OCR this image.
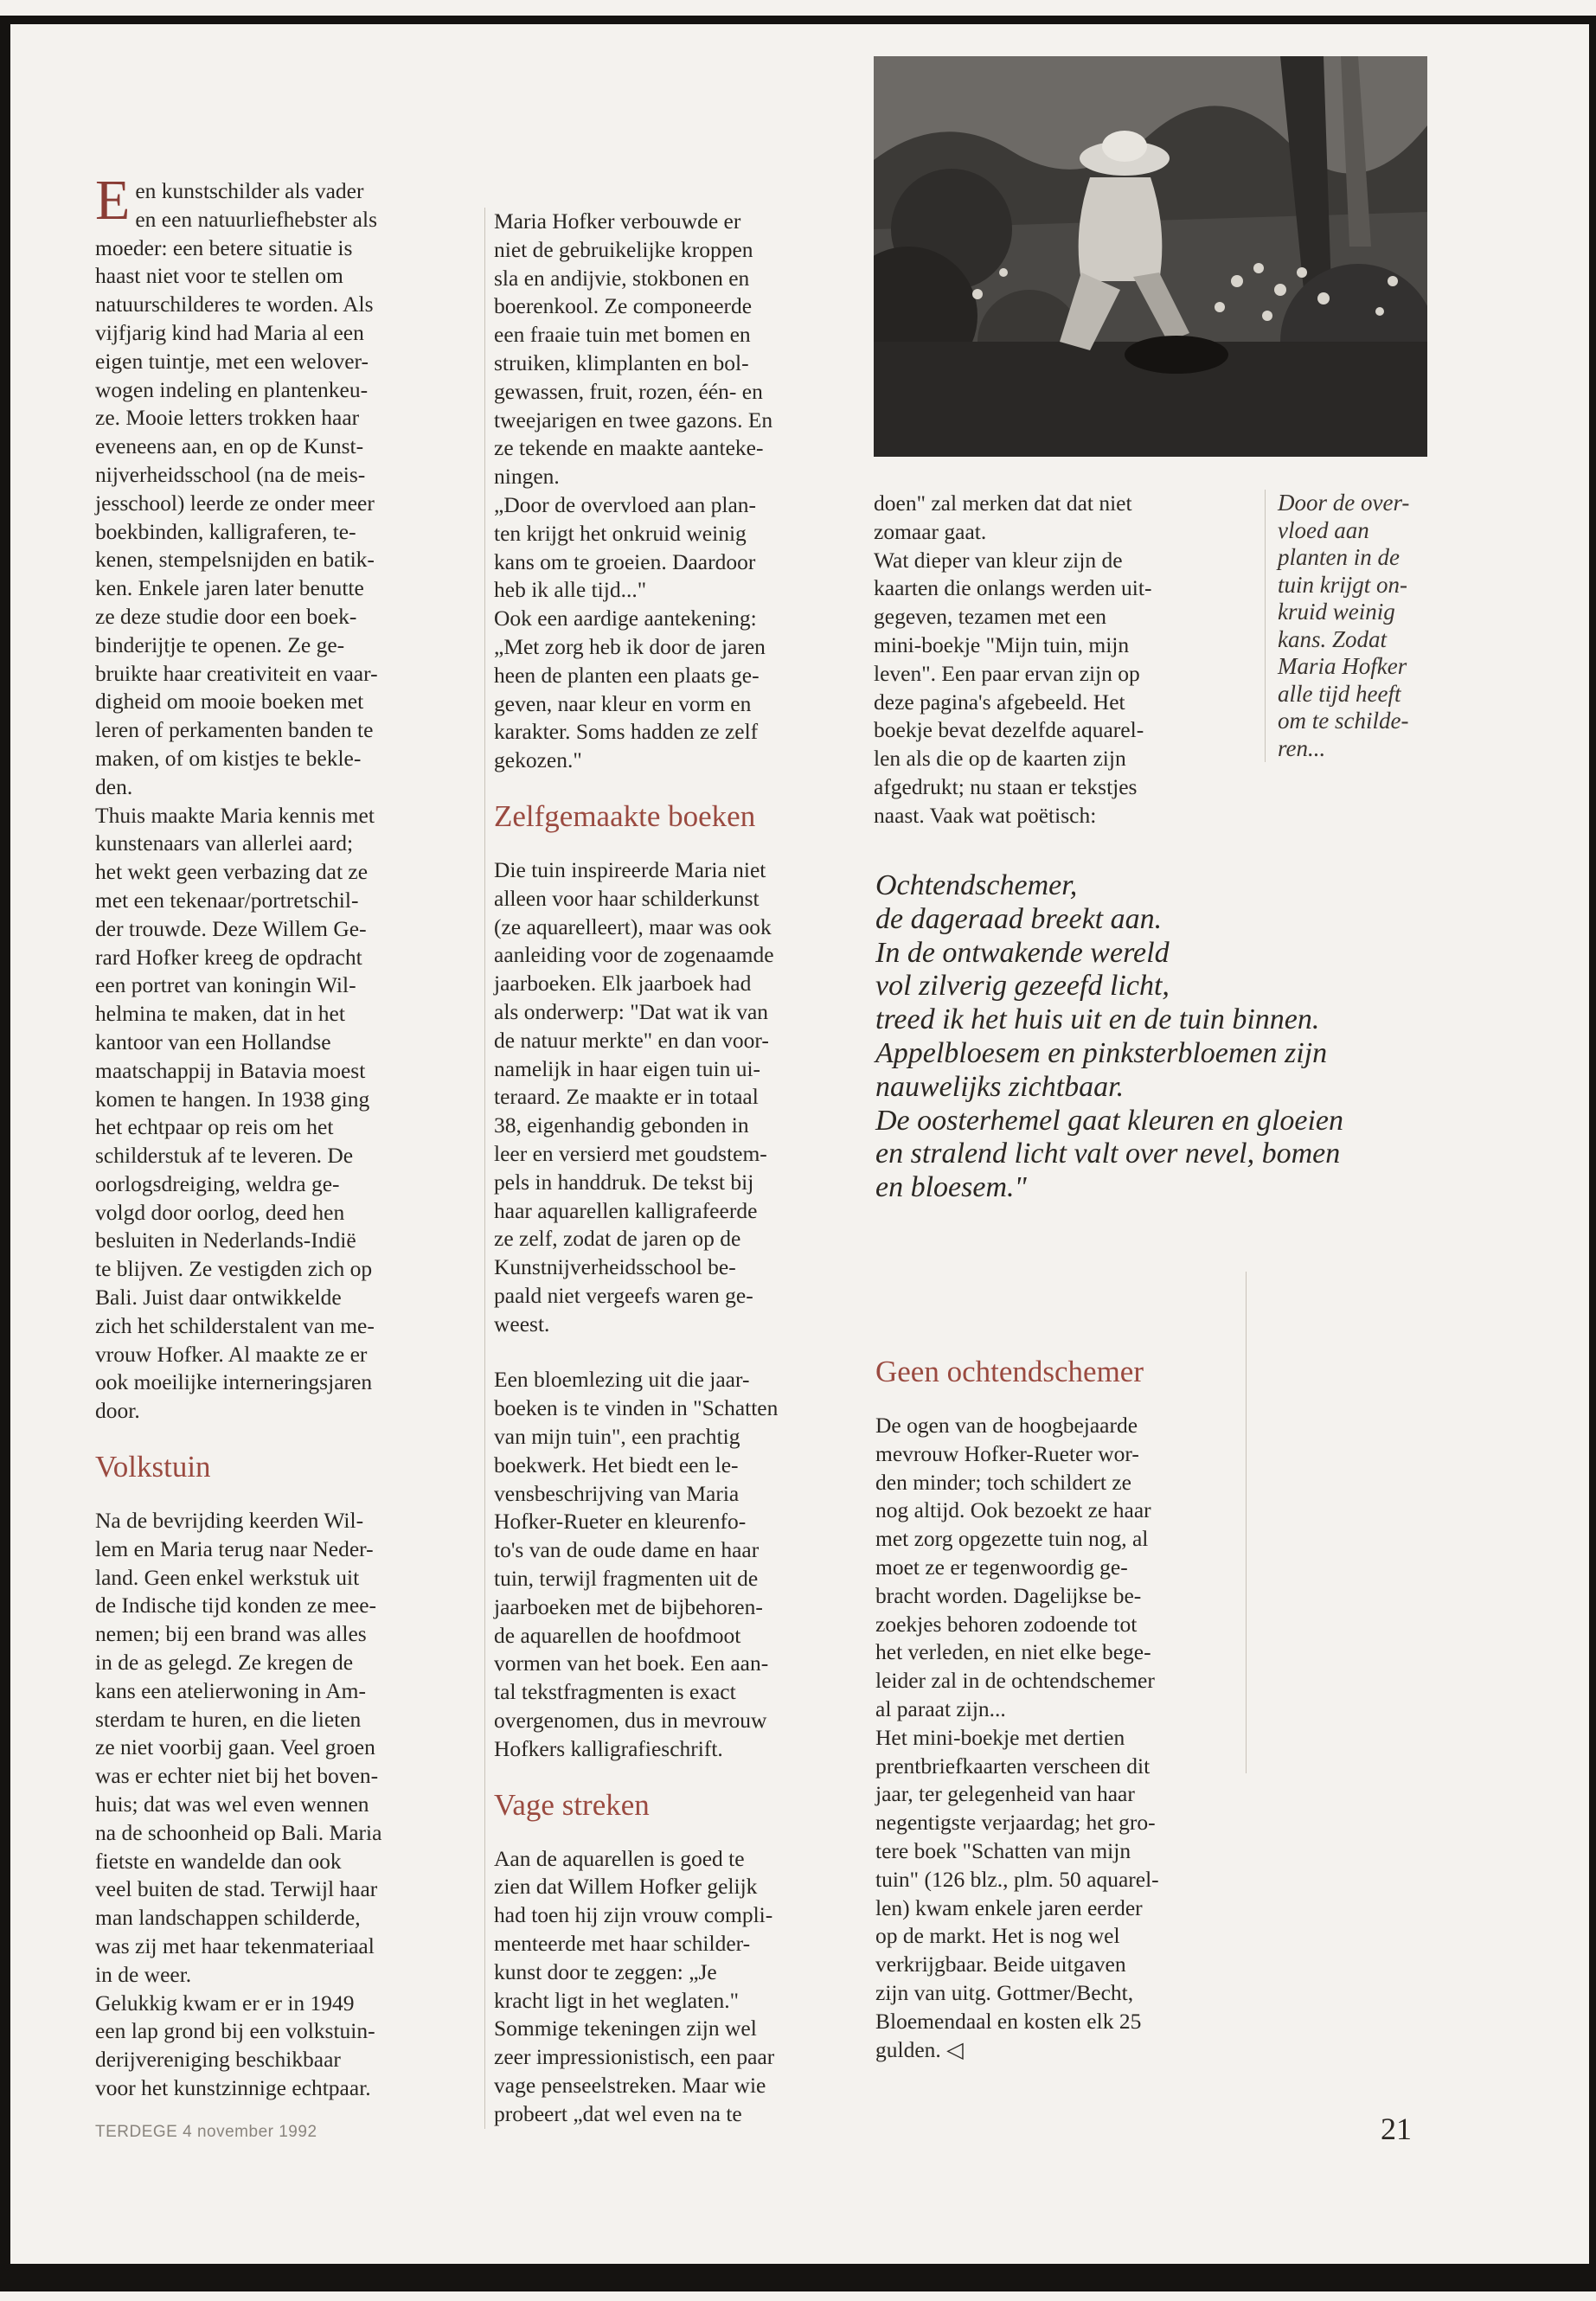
Een kunstschilder als vader
en een natuurliefhebster als
moeder: een betere situatie is
haast niet voor te stellen om
natuurschilderes te worden. Als
vijfjarig kind had Maria al een
eigen tuintje, met een welover-
wogen indeling en plantenkeu-
ze. Mooie letters trokken haar
eveneens aan, en op de Kunst-
nijverheidsschool (na de meis-
jesschool) leerde ze onder meer
boekbinden, kalligraferen, te-
kenen, stempelsnijden en batik-
ken. Enkele jaren later benutte
ze deze studie door een boek-
binderijtje te openen. Ze ge-
bruikte haar creativiteit en vaar-
digheid om mooie boeken met
leren of perkamenten banden te
maken, of om kistjes te bekle-
den.

Thuis maakte Maria kennis met
kunstenaars van allerlei aard;
het wekt geen verbazing dat ze
met een tekenaar/portretschil-
der trouwde. Deze Willem Ge-
rard Hofker kreeg de opdracht
een portret van koningin Wil-
helmina te maken, dat in het
kantoor van een Hollandse
maatschappij in Batavia moest
komen te hangen. In 1938 ging
het echtpaar op reis om het
schilderstuk af te leveren. De
oorlogsdreiging, weldra ge-
volgd door oorlog, deed hen
besluiten in Nederlands-Indië
te blijven. Ze vestigden zich op
Bali. Juist daar ontwikkelde
zich het schilderstalent van me-
vrouw Hofker. Al maakte ze er
ook moeilijke interneringsjaren
door.

Volkstuin

Na de bevrijding keerden Wil-
lem en Maria terug naar Neder-
land. Geen enkel werkstuk uit
de Indische tijd konden ze mee-
nemen; bij een brand was alles
in de as gelegd. Ze kregen de
kans een atelierwoning in Am-
sterdam te huren, en die lieten
ze niet voorbij gaan. Veel groen
was er echter niet bij het boven-
huis; dat was wel even wennen
na de schoonheid op Bali. Maria
fietste en wandelde dan ook
veel buiten de stad. Terwijl haar
man landschappen schilderde,
was zij met haar tekenmateriaal
in de weer.

Gelukkig kwam er er in 1949
een lap grond bij een volkstuin-
derijvereniging beschikbaar
voor het kunstzinnige echtpaar.

Maria Hofker verbouwde er
niet de gebruikelijke kroppen
sla en andijvie, stokbonen en
boerenkool. Ze componeerde
een fraaie tuin met bomen en
struiken, klimplanten en bol-
gewassen, fruit, rozen, één- en
tweejarigen en twee gazons. En
ze tekende en maakte aanteke-
ningen.

„Door de overvloed aan plan-
ten krijgt het onkruid weinig
kans om te groeien. Daardoor
heb ik alle tijd..."

Ook een aardige aantekening:
„Met zorg heb ik door de jaren
heen de planten een plaats ge-
geven, naar kleur en vorm en
karakter. Soms hadden ze zelf
gekozen."

Zelfgemaakte boeken

Die tuin inspireerde Maria niet
alleen voor haar schilderkunst
(ze aquarelleert), maar was ook
aanleiding voor de zogenaamde
jaarboeken. Elk jaarboek had
als onderwerp: "Dat wat ik van
de natuur merkte" en dan voor-
namelijk in haar eigen tuin ui-
teraard. Ze maakte er in totaal
38, eigenhandig gebonden in
leer en versierd met goudstem-
pels in handdruk. De tekst bij
haar aquarellen kalligrafeerde
ze zelf, zodat de jaren op de
Kunstnijverheidsschool be-
paald niet vergeefs waren ge-
weest.

Een bloemlezing uit die jaar-
boeken is te vinden in "Schatten
van mijn tuin", een prachtig
boekwerk. Het biedt een le-
vensbeschrijving van Maria
Hofker-Rueter en kleurenfo-
to's van de oude dame en haar
tuin, terwijl fragmenten uit de
jaarboeken met de bijbehoren-
de aquarellen de hoofdmoot
vormen van het boek. Een aan-
tal tekstfragmenten is exact
overgenomen, dus in mevrouw
Hofkers kalligrafieschrift.

Vage streken

Aan de aquarellen is goed te
zien dat Willem Hofker gelijk
had toen hij zijn vrouw compli-
menteerde met haar schilder-
kunst door te zeggen: „Je
kracht ligt in het weglaten."
Sommige tekeningen zijn wel
zeer impressionistisch, een paar
vage penseelstreken. Maar wie
probeert „dat wel even na te

doen" zal merken dat dat niet
zomaar gaat.

Wat dieper van kleur zijn de
kaarten die onlangs werden uit-
gegeven, tezamen met een
mini-boekje "Mijn tuin, mijn
leven". Een paar ervan zijn op
deze pagina's afgebeeld. Het
boekje bevat dezelfde aquarel-
len als die op de kaarten zijn
afgedrukt; nu staan er tekstjes
naast. Vaak wat poëtisch:

Door de over-
vloed aan
planten in de
tuin krijgt on-
kruid weinig
kans. Zodat
Maria Hofker
alle tijd heeft
om te schilde-
ren...
Ochtendschemer,
de dageraad breekt aan.
In de ontwakende wereld
vol zilverig gezeefd licht,
treed ik het huis uit en de tuin binnen.
Appelbloesem en pinksterbloemen zijn
nauwelijks zichtbaar.
De oosterhemel gaat kleuren en gloeien
en stralend licht valt over nevel, bomen
en bloesem."
Geen ochtendschemer

De ogen van de hoogbejaarde
mevrouw Hofker-Rueter wor-
den minder; toch schildert ze
nog altijd. Ook bezoekt ze haar
met zorg opgezette tuin nog, al
moet ze er tegenwoordig ge-
bracht worden. Dagelijkse be-
zoekjes behoren zodoende tot
het verleden, en niet elke bege-
leider zal in de ochtendschemer
al paraat zijn...

Het mini-boekje met dertien
prentbriefkaarten verscheen dit
jaar, ter gelegenheid van haar
negentigste verjaardag; het gro-
tere boek "Schatten van mijn
tuin" (126 blz., plm. 50 aquarel-
len) kwam enkele jaren eerder
op de markt. Het is nog wel
verkrijgbaar. Beide uitgaven
zijn van uitg. Gottmer/Becht,
Bloemendaal en kosten elk 25
gulden. ◁

TERDEGE 4 november 1992	21
